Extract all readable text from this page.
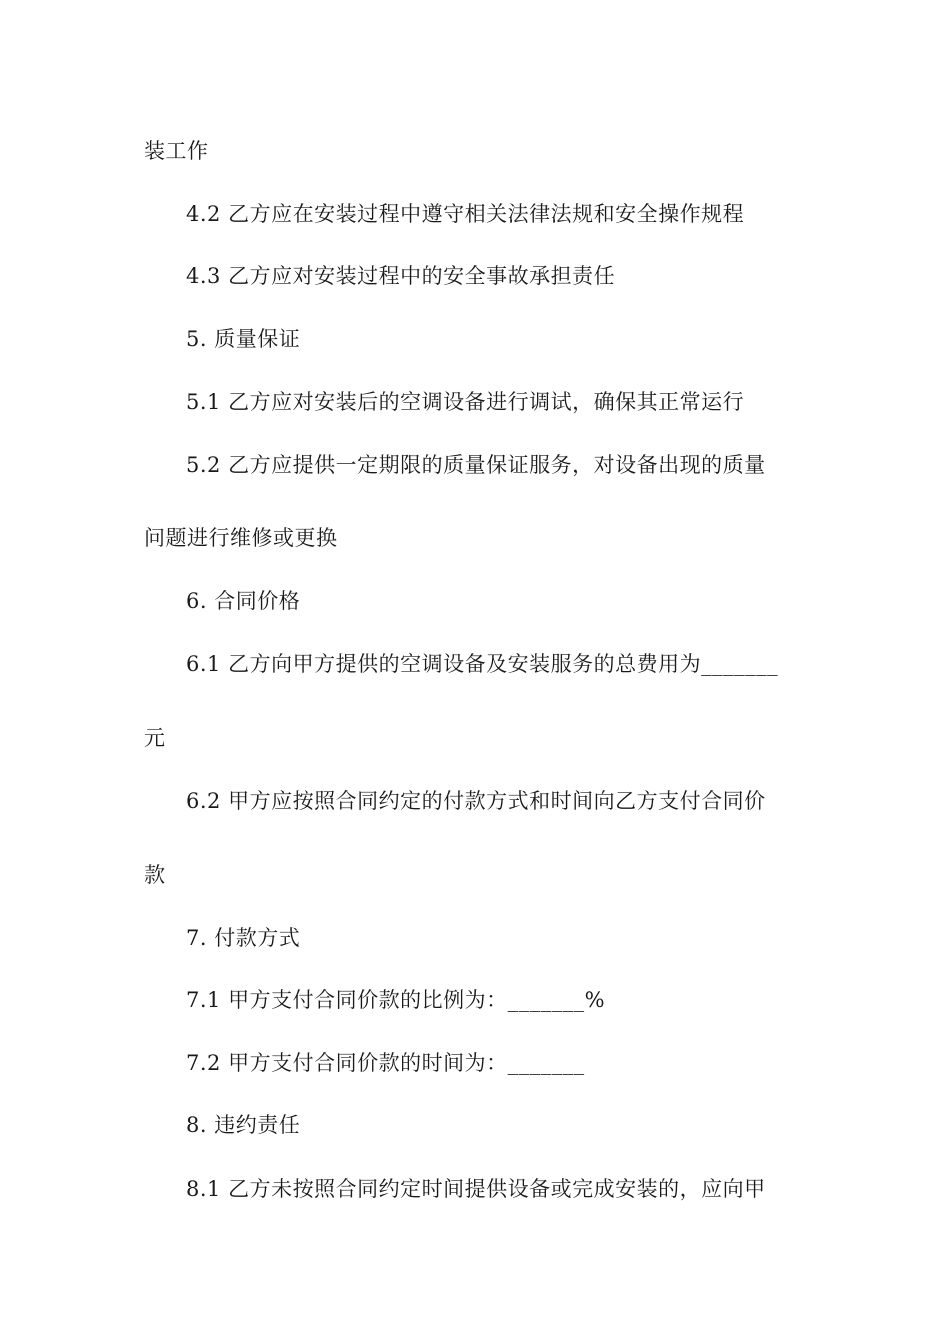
装工作
4.2 乙方应在安装过程中遵守相关法律法规和安全操作规程
4.3 乙方应对安装过程中的安全事故承担责任
5. 质量保证
5.1 乙方应对安装后的空调设备进行调试，确保其正常运行
5.2 乙方应提供一定期限的质量保证服务，对设备出现的质量
问题进行维修或更换
6. 合同价格
6.1 乙方向甲方提供的空调设备及安装服务的总费用为_______
元
6.2 甲方应按照合同约定的付款方式和时间向乙方支付合同价
款
7. 付款方式
7.1 甲方支付合同价款的比例为：_______%
7.2 甲方支付合同价款的时间为：_______
8. 违约责任
8.1 乙方未按照合同约定时间提供设备或完成安装的，应向甲
